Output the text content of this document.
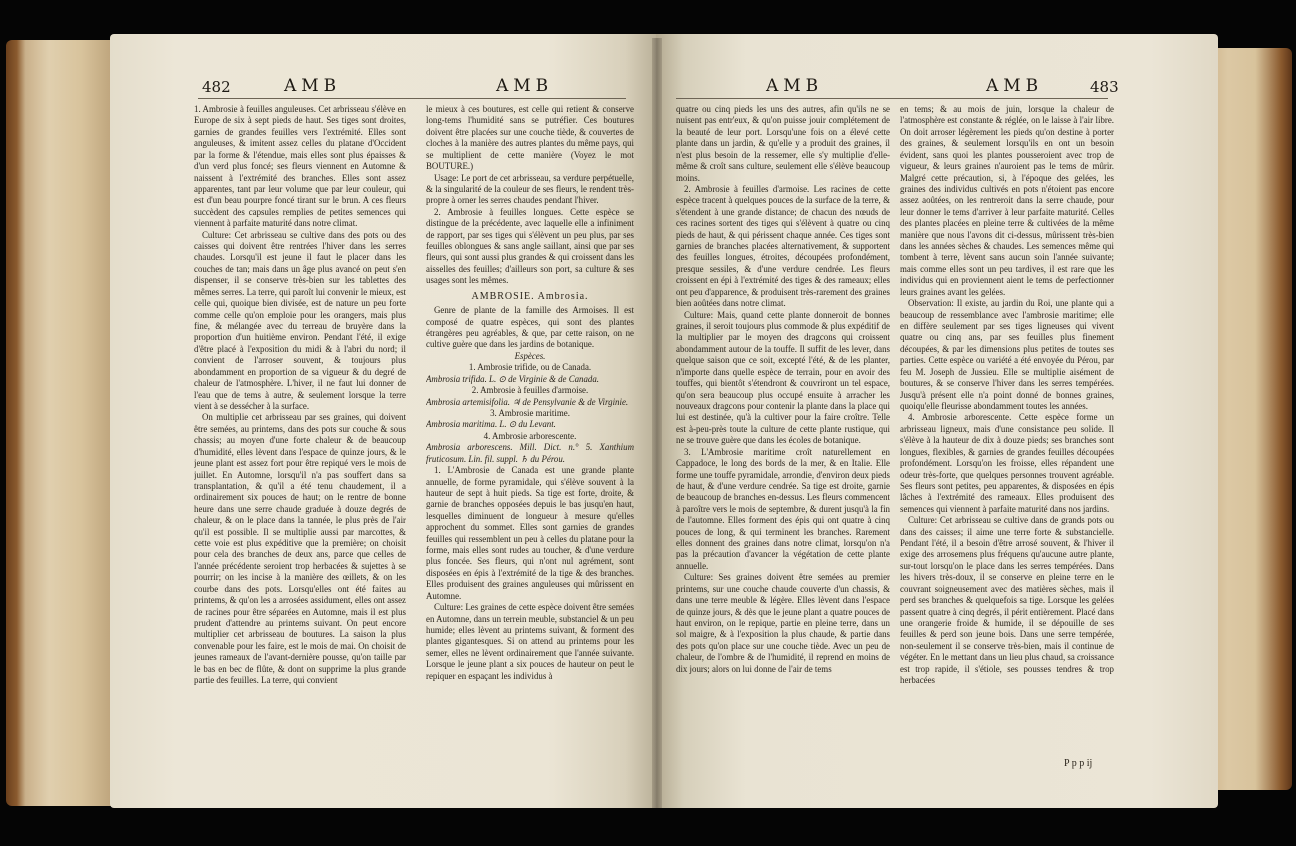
482	AMB	AMB

1. Ambrosie à feuilles anguleuses. Cet arbrisseau s'élève en Europe de six à sept pieds de haut. Ses tiges sont droites, garnies de grandes feuilles vers l'extrémité. Elles sont anguleuses, & imitent assez celles du platane d'Occident par la forme & l'étendue, mais elles sont plus épaisses & d'un verd plus foncé; ses fleurs viennent en Automne & naissent à l'extrémité des branches. Elles sont assez apparentes, tant par leur volume que par leur couleur, qui est d'un beau pourpre foncé tirant sur le brun. A ces fleurs succèdent des capsules remplies de petites semences qui viennent à parfaite maturité dans notre climat.

Culture: Cet arbrisseau se cultive dans des pots ou des caisses qui doivent être rentrées l'hiver dans les serres chaudes. Lorsqu'il est jeune il faut le placer dans les couches de tan; mais dans un âge plus avancé on peut s'en dispenser, il se conserve très-bien sur les tablettes des mêmes serres. La terre, qui paroît lui convenir le mieux, est celle qui, quoique bien divisée, est de nature un peu forte comme celle qu'on emploie pour les orangers, mais plus fine, & mélangée avec du terreau de bruyère dans la proportion d'un huitième environ. Pendant l'été, il exige d'être placé à l'exposition du midi & à l'abri du nord; il convient de l'arroser souvent, & toujours plus abondamment en proportion de sa vigueur & du degré de chaleur de l'atmosphère. L'hiver, il ne faut lui donner de l'eau que de tems à autre, & seulement lorsque la terre vient à se dessécher à la surface.

On multiplie cet arbrisseau par ses graines, qui doivent être semées, au printems, dans des pots sur couche & sous chassis; au moyen d'une forte chaleur & de beaucoup d'humidité, elles lèvent dans l'espace de quinze jours, & le jeune plant est assez fort pour être repiqué vers le mois de juillet. En Automne, lorsqu'il n'a pas souffert dans sa transplantation, & qu'il a été tenu chaudement, il a ordinairement six pouces de haut; on le rentre de bonne heure dans une serre chaude graduée à douze degrés de chaleur, & on le place dans la tannée, le plus près de l'air qu'il est possible. Il se multiplie aussi par marcottes, & cette voie est plus expéditive que la première; on choisit pour cela des branches de deux ans, parce que celles de l'année précédente seroient trop herbacées & sujettes à se pourrir; on les incise à la manière des œillets, & on les courbe dans des pots. Lorsqu'elles ont été faites au printems, & qu'on les a arrosées assidument, elles ont assez de racines pour être séparées en Automne, mais il est plus prudent d'attendre au printems suivant. On peut encore multiplier cet arbrisseau de boutures. La saison la plus convenable pour les faire, est le mois de mai. On choisit de jeunes rameaux de l'avant-dernière pousse, qu'on taille par le bas en bec de flûte, & dont on supprime la plus grande partie des feuilles. La terre, qui convient

le mieux à ces boutures, est celle qui retient & conserve long-tems l'humidité sans se putréfier. Ces boutures doivent être placées sur une couche tiède, & couvertes de cloches à la manière des autres plantes du même pays, qui se multiplient de cette manière (Voyez le mot BOUTURE.)

Usage: Le port de cet arbrisseau, sa verdure perpétuelle, & la singularité de la couleur de ses fleurs, le rendent très-propre à orner les serres chaudes pendant l'hiver.

2. Ambrosie à feuilles longues. Cette espèce se distingue de la précédente, avec laquelle elle a infiniment de rapport, par ses tiges qui s'élèvent un peu plus, par ses feuilles oblongues & sans angle saillant, ainsi que par ses fleurs, qui sont aussi plus grandes & qui croissent dans les aisselles des feuilles; d'ailleurs son port, sa culture & ses usages sont les mêmes.

AMBROSIE. Ambrosia.

Genre de plante de la famille des Armoises. Il est composé de quatre espèces, qui sont des plantes étrangères peu agréables, & que, par cette raison, on ne cultive guère que dans les jardins de botanique.

Espèces.

1. Ambrosie trifide, ou de Canada.

Ambrosia trifida. L. ⊙ de Virginie & de Canada.

2. Ambrosie à feuilles d'armoise.

Ambrosia artemisifolia. ♃ de Pensylvanie & de Virginie.

3. Ambrosie maritime.

Ambrosia maritima. L. ⊙ du Levant.

4. Ambrosie arborescente.

Ambrosia arborescens. Mill. Dict. n.° 5. Xanthium fruticosum. Lin. fil. suppl. ♄ du Pérou.

1. L'Ambrosie de Canada est une grande plante annuelle, de forme pyramidale, qui s'élève souvent à la hauteur de sept à huit pieds. Sa tige est forte, droite, & garnie de branches opposées depuis le bas jusqu'en haut, lesquelles diminuent de longueur à mesure qu'elles approchent du sommet. Elles sont garnies de grandes feuilles qui ressemblent un peu à celles du platane pour la forme, mais elles sont rudes au toucher, & d'une verdure plus foncée. Ses fleurs, qui n'ont nul agrément, sont disposées en épis à l'extrémité de la tige & des branches. Elles produisent des graines anguleuses qui mûrissent en Automne.

Culture: Les graines de cette espèce doivent être semées en Automne, dans un terrein meuble, substanciel & un peu humide; elles lèvent au printems suivant, & forment des plantes gigantesques. Si on attend au printems pour les semer, elles ne lèvent ordinairement que l'année suivante. Lorsque le jeune plant a six pouces de hauteur on peut le repiquer en espaçant les individus à

AMB	AMB	483

quatre ou cinq pieds les uns des autres, afin qu'ils ne se nuisent pas entr'eux, & qu'on puisse jouir complétement de la beauté de leur port. Lorsqu'une fois on a élevé cette plante dans un jardin, & qu'elle y a produit des graines, il n'est plus besoin de la ressemer, elle s'y multiplie d'elle-même & croît sans culture, seulement elle s'élève beaucoup moins.

2. Ambrosie à feuilles d'armoise. Les racines de cette espèce tracent à quelques pouces de la surface de la terre, & s'étendent à une grande distance; de chacun des nœuds de ces racines sortent des tiges qui s'élèvent à quatre ou cinq pieds de haut, & qui périssent chaque année. Ces tiges sont garnies de branches placées alternativement, & supportent des feuilles longues, étroites, découpées profondément, presque sessiles, & d'une verdure cendrée. Les fleurs croissent en épi à l'extrémité des tiges & des rameaux; elles ont peu d'apparence, & produisent très-rarement des graines bien aoûtées dans notre climat.

Culture: Mais, quand cette plante donneroit de bonnes graines, il seroit toujours plus commode & plus expéditif de la multiplier par le moyen des dragcons qui croissent abondamment autour de la touffe. Il suffit de les lever, dans quelque saison que ce soit, excepté l'été, & de les planter, n'importe dans quelle espèce de terrain, pour en avoir des touffes, qui bientôt s'étendront & couvriront un tel espace, qu'on sera beaucoup plus occupé ensuite à arracher les nouveaux dragcons pour contenir la plante dans la place qui lui est destinée, qu'à la cultiver pour la faire croître. Telle est à-peu-près toute la culture de cette plante rustique, qui ne se trouve guère que dans les écoles de botanique.

3. L'Ambrosie maritime croît naturellement en Cappadoce, le long des bords de la mer, & en Italie. Elle forme une touffe pyramidale, arrondie, d'environ deux pieds de haut, & d'une verdure cendrée. Sa tige est droite, garnie de beaucoup de branches en-dessus. Les fleurs commencent à paroître vers le mois de septembre, & durent jusqu'à la fin de l'automne. Elles forment des épis qui ont quatre à cinq pouces de long, & qui terminent les branches. Rarement elles donnent des graines dans notre climat, lorsqu'on n'a pas la précaution d'avancer la végétation de cette plante annuelle.

Culture: Ses graines doivent être semées au premier printems, sur une couche chaude couverte d'un chassis, & dans une terre meuble & légère. Elles lèvent dans l'espace de quinze jours, & dès que le jeune plant a quatre pouces de haut environ, on le repique, partie en pleine terre, dans un sol maigre, & à l'exposition la plus chaude, & partie dans des pots qu'on place sur une couche tiède. Avec un peu de chaleur, de l'ombre & de l'humidité, il reprend en moins de dix jours; alors on lui donne de l'air de tems

en tems; & au mois de juin, lorsque la chaleur de l'atmosphère est constante & réglée, on le laisse à l'air libre. On doit arroser légèrement les pieds qu'on destine à porter des graines, & seulement lorsqu'ils en ont un besoin évident, sans quoi les plantes pousseroient avec trop de vigueur, & leurs graines n'auroient pas le tems de mûrir. Malgré cette précaution, si, à l'époque des gelées, les graines des individus cultivés en pots n'étoient pas encore assez aoûtées, on les rentreroit dans la serre chaude, pour leur donner le tems d'arriver à leur parfaite maturité. Celles des plantes placées en pleine terre & cultivées de la même manière que nous l'avons dit ci-dessus, mûrissent très-bien dans les années sèches & chaudes. Les semences même qui tombent à terre, lèvent sans aucun soin l'année suivante; mais comme elles sont un peu tardives, il est rare que les individus qui en proviennent aient le tems de perfectionner leurs graines avant les gelées.

Observation: Il existe, au jardin du Roi, une plante qui a beaucoup de ressemblance avec l'ambrosie maritime; elle en diffère seulement par ses tiges ligneuses qui vivent quatre ou cinq ans, par ses feuilles plus finement découpées, & par les dimensions plus petites de toutes ses parties. Cette espèce ou variété a été envoyée du Pérou, par feu M. Joseph de Jussieu. Elle se multiplie aisément de boutures, & se conserve l'hiver dans les serres tempérées. Jusqu'à présent elle n'a point donné de bonnes graines, quoiqu'elle fleurisse abondamment toutes les années.

4. Ambrosie arborescente. Cette espèce forme un arbrisseau ligneux, mais d'une consistance peu solide. Il s'élève à la hauteur de dix à douze pieds; ses branches sont longues, flexibles, & garnies de grandes feuilles découpées profondément. Lorsqu'on les froisse, elles répandent une odeur très-forte, que quelques personnes trouvent agréable. Ses fleurs sont petites, peu apparentes, & disposées en épis lâches à l'extrémité des rameaux. Elles produisent des semences qui viennent à parfaite maturité dans nos jardins.

Culture: Cet arbrisseau se cultive dans de grands pots ou dans des caisses; il aime une terre forte & substancielle. Pendant l'été, il a besoin d'être arrosé souvent, & l'hiver il exige des arrosemens plus fréquens qu'aucune autre plante, sur-tout lorsqu'on le place dans les serres tempérées. Dans les hivers très-doux, il se conserve en pleine terre en le couvrant soigneusement avec des matières sèches, mais il perd ses branches & quelquefois sa tige. Lorsque les gelées passent quatre à cinq degrés, il périt entièrement. Placé dans une orangerie froide & humide, il se dépouille de ses feuilles & perd son jeune bois. Dans une serre tempérée, non-seulement il se conserve très-bien, mais il continue de végéter. En le mettant dans un lieu plus chaud, sa croissance est trop rapide, il s'étiole, ses pousses tendres & trop herbacées

P p p ij
